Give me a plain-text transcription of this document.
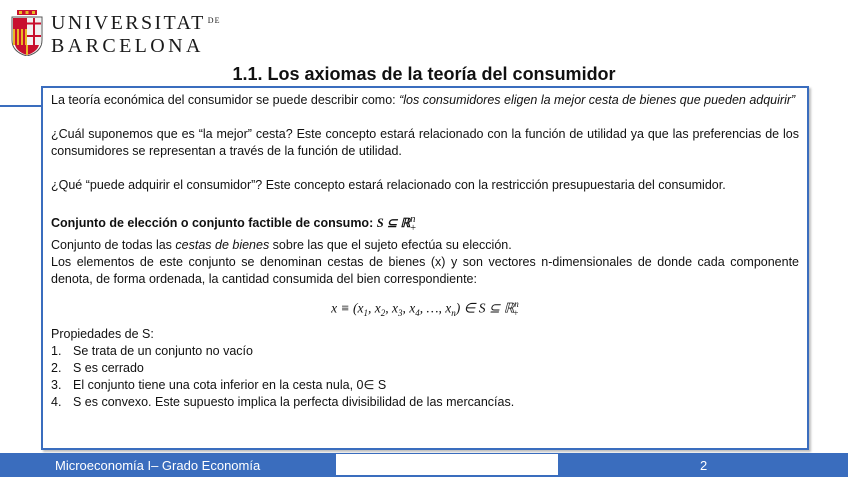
UNIVERSITAT $^{DE}$
BARCELONA
1.1. Los axiomas de la teoría del consumidor

La teoría económica del consumidor se puede describir como: “los consumidores eligen la mejor cesta de bienes que pueden adquirir”

¿Cuál suponemos que es “la mejor” cesta? Este concepto estará relacionado con la función de utilidad ya que las preferencias de los consumidores se representan a través de la función de utilidad.

¿Qué “puede adquirir el consumidor”? Este concepto estará relacionado con la restricción presupuestaria del consumidor.

Conjunto de elección o conjunto factible de consumo: S ⊆ ℝ$^n_+$

Conjunto de todas las cestas de bienes sobre las que el sujeto efectúa su elección.

Los elementos de este conjunto se denominan cestas de bienes (x) y son vectores n-dimensionales de donde cada componente denota, de forma ordenada, la cantidad consumida del bien correspondiente:

$x \equiv (x_1$, $x_2$, $x_3$, $x_4$, …, $x_n$) ∈ S ⊆ ℝ$^n_+$

Propiedades de S:

1. Se trata de un conjunto no vacío
2. S es cerrado
3. El conjunto tiene una cota inferior en la cesta nula, 0∈ S
4. S es convexo. Este supuesto implica la perfecta divisibilidad de las mercancías.
Microeconomía I– Grado Economía	2
